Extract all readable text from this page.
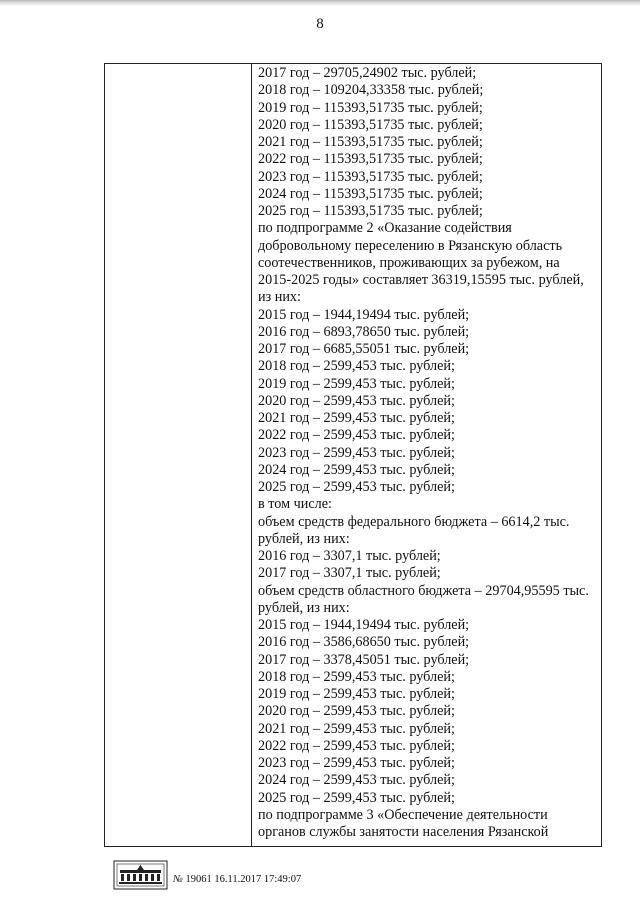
8
2017 год – 29705,24902 тыс. рублей;
2018 год – 109204,33358 тыс. рублей;
2019 год – 115393,51735 тыс. рублей;
2020 год – 115393,51735 тыс. рублей;
2021 год – 115393,51735 тыс. рублей;
2022 год – 115393,51735 тыс. рублей;
2023 год – 115393,51735 тыс. рублей;
2024 год – 115393,51735 тыс. рублей;
2025 год – 115393,51735 тыс. рублей;
по подпрограмме 2 «Оказание содействия
добровольному переселению в Рязанскую область
соотечественников, проживающих за рубежом, на
2015-2025 годы» составляет 36319,15595 тыс. рублей,
из них:
2015 год – 1944,19494 тыс. рублей;
2016 год – 6893,78650 тыс. рублей;
2017 год – 6685,55051 тыс. рублей;
2018 год – 2599,453 тыс. рублей;
2019 год – 2599,453 тыс. рублей;
2020 год – 2599,453 тыс. рублей;
2021 год – 2599,453 тыс. рублей;
2022 год – 2599,453 тыс. рублей;
2023 год – 2599,453 тыс. рублей;
2024 год – 2599,453 тыс. рублей;
2025 год – 2599,453 тыс. рублей;
в том числе:
объем средств федерального бюджета – 6614,2 тыс.
рублей, из них:
2016 год – 3307,1 тыс. рублей;
2017 год – 3307,1 тыс. рублей;
объем средств областного бюджета – 29704,95595 тыс.
рублей, из них:
2015 год – 1944,19494 тыс. рублей;
2016 год – 3586,68650 тыс. рублей;
2017 год – 3378,45051 тыс. рублей;
2018 год – 2599,453 тыс. рублей;
2019 год – 2599,453 тыс. рублей;
2020 год – 2599,453 тыс. рублей;
2021 год – 2599,453 тыс. рублей;
2022 год – 2599,453 тыс. рублей;
2023 год – 2599,453 тыс. рублей;
2024 год – 2599,453 тыс. рублей;
2025 год – 2599,453 тыс. рублей;
по подпрограмме 3 «Обеспечение деятельности
органов службы занятости населения Рязанской
№ 19061 16.11.2017 17:49:07
